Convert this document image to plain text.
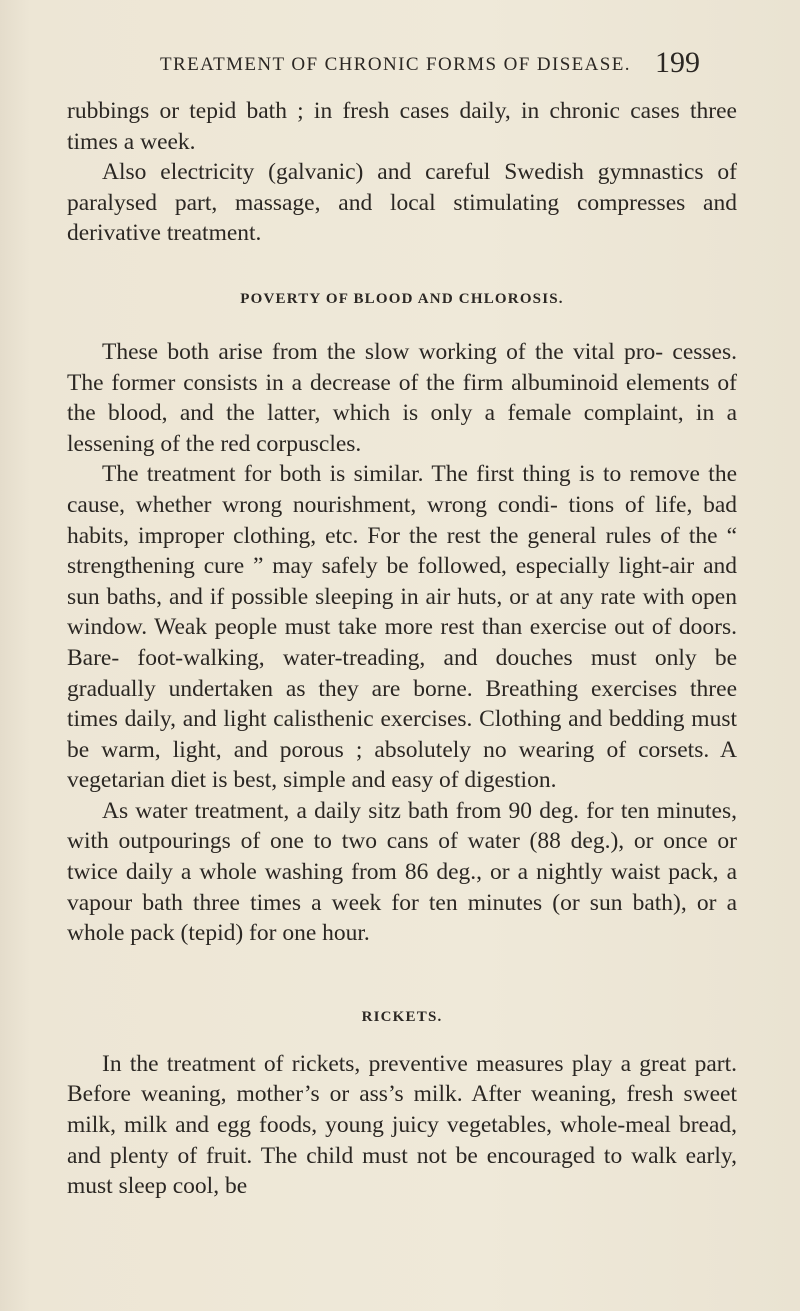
TREATMENT OF CHRONIC FORMS OF DISEASE. 199

rubbings or tepid bath ; in fresh cases daily, in chronic cases three times a week.

Also electricity (galvanic) and careful Swedish gymnastics of paralysed part, massage, and local stimulating compresses and derivative treatment.

POVERTY OF BLOOD AND CHLOROSIS.

These both arise from the slow working of the vital pro- cesses. The former consists in a decrease of the firm albuminoid elements of the blood, and the latter, which is only a female complaint, in a lessening of the red corpuscles.

The treatment for both is similar. The first thing is to remove the cause, whether wrong nourishment, wrong condi- tions of life, bad habits, improper clothing, etc. For the rest the general rules of the “ strengthening cure ” may safely be followed, especially light-air and sun baths, and if possible sleeping in air huts, or at any rate with open window. Weak people must take more rest than exercise out of doors. Bare- foot-walking, water-treading, and douches must only be gradually undertaken as they are borne. Breathing exercises three times daily, and light calisthenic exercises. Clothing and bedding must be warm, light, and porous ; absolutely no wearing of corsets. A vegetarian diet is best, simple and easy of digestion.

As water treatment, a daily sitz bath from 90 deg. for ten minutes, with outpourings of one to two cans of water (88 deg.), or once or twice daily a whole washing from 86 deg., or a nightly waist pack, a vapour bath three times a week for ten minutes (or sun bath), or a whole pack (tepid) for one hour.

RICKETS.

In the treatment of rickets, preventive measures play a great part. Before weaning, mother’s or ass’s milk. After weaning, fresh sweet milk, milk and egg foods, young juicy vegetables, whole-meal bread, and plenty of fruit. The child must not be encouraged to walk early, must sleep cool, be
